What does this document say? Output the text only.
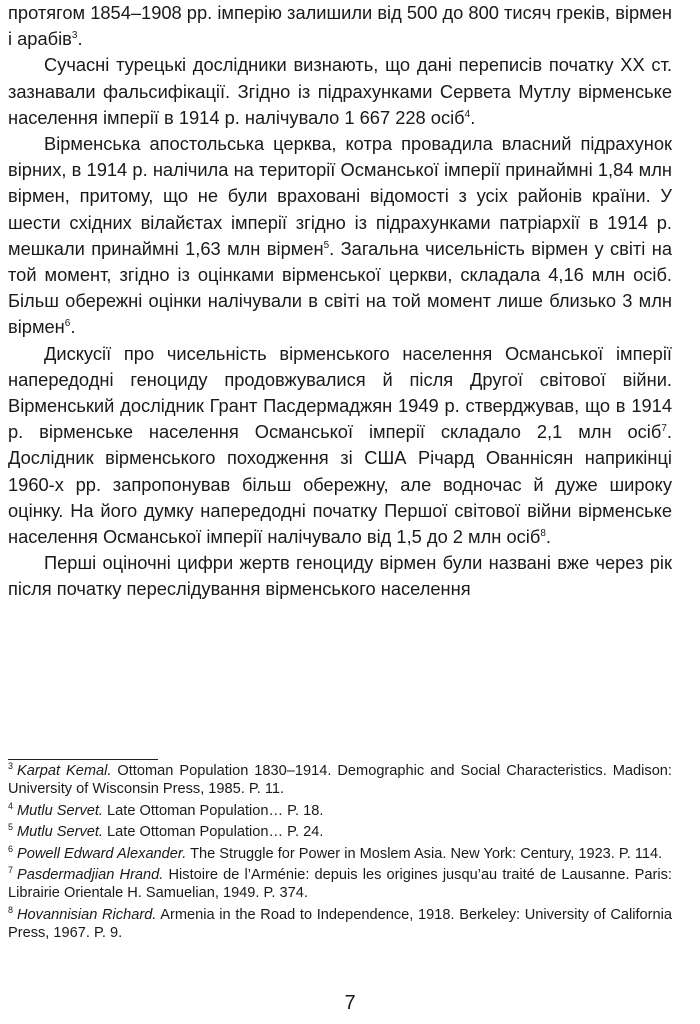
протягом 1854–1908 рр. імперію залишили від 500 до 800 тисяч греків, вірмен і арабів$^3$.

Сучасні турецькі дослідники визнають, що дані переписів початку XX ст. зазнавали фальсифікації. Згідно із підрахунками Сервета Мутлу вірменське населення імперії в 1914 р. налічувало 1 667 228 осіб$^4$.

Вірменська апостольська церква, котра провадила власний підрахунок вірних, в 1914 р. налічила на території Османської імперії принаймні 1,84 млн вірмен, притому, що не були враховані відомості з усіх районів країни. У шести східних вілайєтах імперії згідно із підрахунками патріархії в 1914 р. мешкали принаймні 1,63 млн вірмен$^5$. Загальна чисельність вірмен у світі на той момент, згідно із оцінками вірменської церкви, складала 4,16 млн осіб. Більш обережні оцінки налічували в світі на той момент лише близько 3 млн вірмен$^6$.

Дискусії про чисельність вірменського населення Османської імперії напередодні геноциду продовжувалися й після Другої світової війни. Вірменський дослідник Грант Пасдермаджян 1949 р. стверджував, що в 1914 р. вірменське населення Османської імперії складало 2,1 млн осіб$^7$. Дослідник вірменського походження зі США Річард Ованнісян наприкінці 1960-х рр. запропонував більш обережну, але водночас й дуже широку оцінку. На його думку напередодні початку Першої світової війни вірменське населення Османської імперії налічувало від 1,5 до 2 млн осіб$^8$.

Перші оціночні цифри жертв геноциду вірмен були названі вже через рік після початку переслідування вірменського населення

$^3$ Karpat Kemal. Ottoman Population 1830–1914. Demographic and Social Characteristics. Madison: University of Wisconsin Press, 1985. P. 11.
$^4$ Mutlu Servet. Late Ottoman Population… P. 18.
$^5$ Mutlu Servet. Late Ottoman Population… P. 24.
$^6$ Powell Edward Alexander. The Struggle for Power in Moslem Asia. New York: Century, 1923. P. 114.
$^7$ Pasdermadjian Hrand. Histoire de l’Arménie: depuis les origines jusqu’au traité de Lausanne. Paris: Librairie Orientale H. Samuelian, 1949. P. 374.
$^8$ Hovannisian Richard. Armenia in the Road to Independence, 1918. Berkeley: University of California Press, 1967. P. 9.
7
